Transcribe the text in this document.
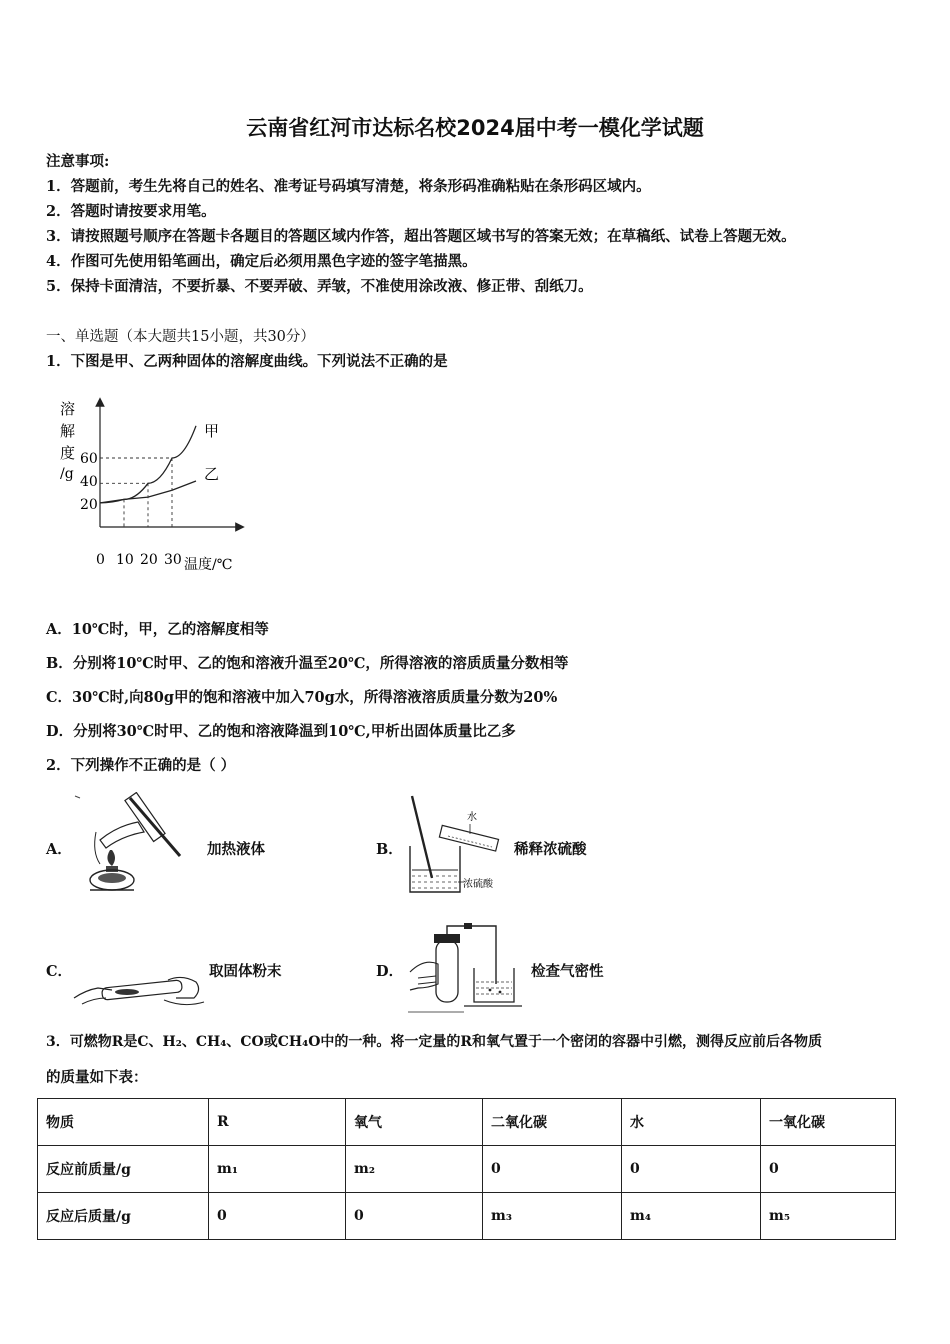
云南省红河市达标名校2024届中考一模化学试题
注意事项:
1．答题前，考生先将自己的姓名、准考证号码填写清楚，将条形码准确粘贴在条形码区域内。
2．答题时请按要求用笔。
3．请按照题号顺序在答题卡各题目的答题区域内作答，超出答题区域书写的答案无效；在草稿纸、试卷上答题无效。
4．作图可先使用铅笔画出，确定后必须用黑色字迹的签字笔描黑。
5．保持卡面清洁，不要折暴、不要弄破、弄皱，不准使用涂改液、修正带、刮纸刀。
一、单选题（本大题共15小题，共30分）
1．下图是甲、乙两种固体的溶解度曲线。下列说法不正确的是
溶
解
度
/g
温度/℃
0 10 20 30
20
40
60
甲
乙
A．10℃时，甲，乙的溶解度相等
B．分别将10℃时甲、乙的饱和溶液升温至20℃，所得溶液的溶质质量分数相等
C．30℃时,向80g甲的饱和溶液中加入70g水，所得溶液溶质质量分数为20%
D．分别将30℃时甲、乙的饱和溶液降温到10℃,甲析出固体质量比乙多
2．下列操作不正确的是（ ）
A．	加热液体	B．
水
浓硫酸
稀释浓硫酸
C．	取固体粉末	D．	检查气密性
3．可燃物R是C、H₂、CH₄、CO或CH₄O中的一种。将一定量的R和氧气置于一个密闭的容器中引燃，测得反应前后各物质
的质量如下表：
物质	R	氧气	二氧化碳	水	一氧化碳
反应前质量/g	m₁	m₂	0	0	0
反应后质量/g	0	0	m₃	m₄	m₅
